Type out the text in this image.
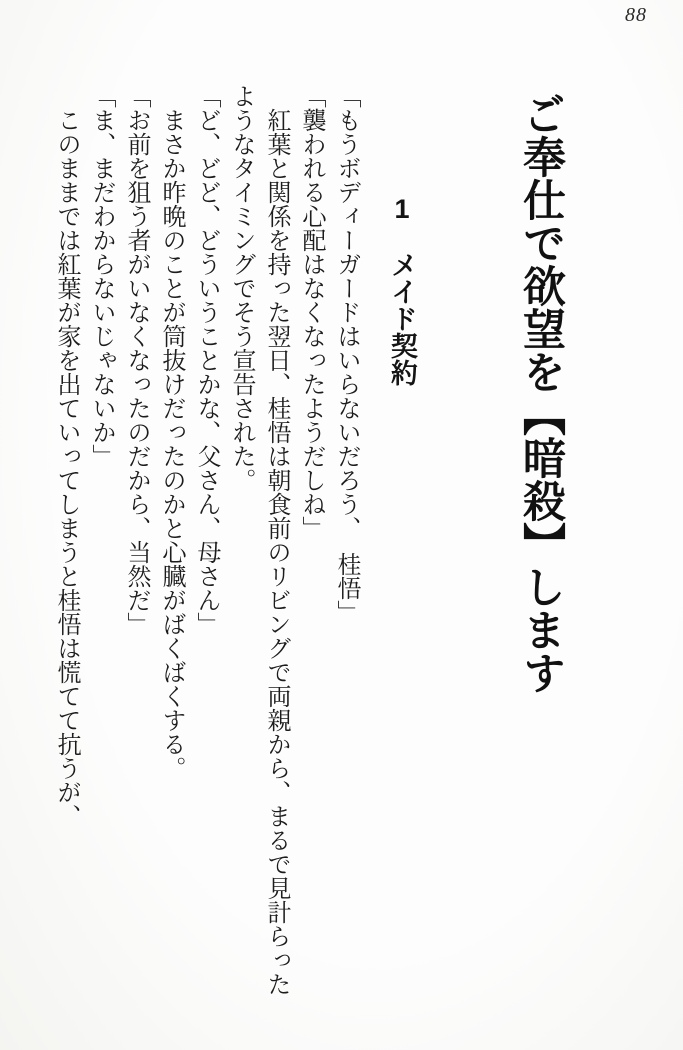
88
ご奉仕で欲望を【暗殺】します
1　メイド契約

「もうボディーガードはいらないだろう、　桂悟」

「襲われる心配はなくなったようだしね」

　紅葉と関係を持った翌日、桂悟は朝食前のリビングで両親から、まるで見計らった

ようなタイミングでそう宣告された。

「ど、どど、どういうことかな、父さん、母さん」

　まさか昨晩のことが筒抜けだったのかと心臓がばくばくする。

「お前を狙う者がいなくなったのだから、当然だ」

「ま、まだわからないじゃないか」

　このままでは紅葉が家を出ていってしまうと桂悟は慌てて抗うが、
